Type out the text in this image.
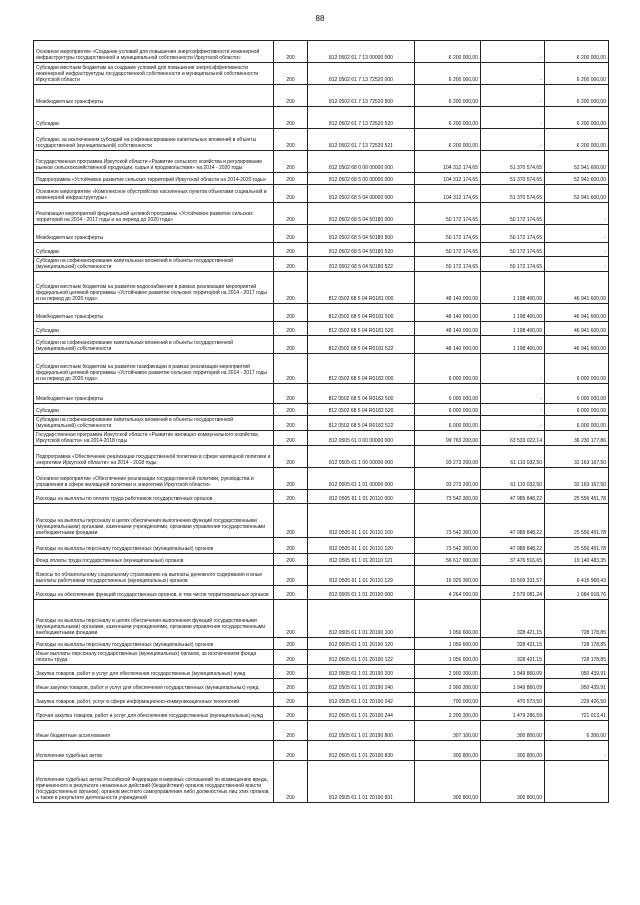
88
Основное мероприятие «Создание условий для повышения энергоэффективности инженерной инфраструктуры государственной и муниципальной собственности Иркутской области»	200	812 0502 61 7 13 00000 000	6 200 000,00	-	6 200 000,00
Субсидии местным бюджетам на создание условий для повышения энергоэффективности инженерной инфраструктуры государственной собственности и муниципальной собственности Иркутской области	200	812 0502 61 7 13 72520 000	6 200 000,00	-	6 200 000,00
Межбюджетные трансферты	200	812 0502 61 7 13 72520 500	6 200 000,00	-	6 200 000,00
Субсидии	200	812 0502 61 7 13 72520 520	6 200 000,00	-	6 200 000,00
Субсидии, за исключением субсидий на софинансирование капитальных вложений в объекты государственной (муниципальной) собственности	200	812 0502 61 7 13 72520 521	6 200 000,00	-	6 200 000,00
Государственная программа Иркутской области «Развитие сельского хозяйства и регулирование рынков сельскохозяйственной продукции, сырья и продовольствия» на 2014 - 2020 годы	200	812 0502 68 0 00 00000 000	104 312 174,65	51 370 574,65	52 941 600,00
Подпрограмма «Устойчивое развитие сельских территорий Иркутской области на 2014-2020 годы»	200	812 0502 68 5 00 00000 000	104 312 174,65	51 370 574,65	52 941 600,00
Основное мероприятие «Комплексное обустройство населенных пунктов объектами социальной и инженерной инфраструктуры»	200	812 0502 68 5 04 00000 000	104 312 174,65	51 370 574,65	52 941 600,00
Реализация мероприятий федеральной целевой программы «Устойчивое развитие сельских территорий на 2014 - 2017 годы и на период до 2020 года»	200	812 0502 68 5 04 50180 000	50 172 174,65	50 172 174,65	-
Межбюджетные трансферты	200	812 0502 68 5 04 50180 500	50 172 174,65	50 172 174,65	-
Субсидии	200	812 0502 68 5 04 50180 520	50 172 174,65	50 172 174,65	-
Субсидии на софинансирование капитальных вложений в объекты государственной (муниципальной) собственности	200	812 0502 68 5 04 50180 522	50 172 174,65	50 172 174,65	-
Субсидии местным бюджетам на развитие водоснабжения в рамках реализации мероприятий федеральной целевой программы «Устойчивое развитие сельских территорий на 2014 - 2017 годы и на период до 2020 года»	200	812 0502 68 5 04 R0181 000	48 140 000,00	1 198 400,00	46 941 600,00
Межбюджетные трансферты	200	812 0502 68 5 04 R0181 500	48 140 000,00	1 198 400,00	46 941 600,00
Субсидии	200	812 0502 68 5 04 R0181 520	48 140 000,00	1 198 400,00	46 941 600,00
Субсидии на софинансирование капитальных вложений в объекты государственной (муниципальной) собственности	200	812 0502 68 5 04 R0181 522	48 140 000,00	1 198 400,00	46 941 600,00
Субсидии местным бюджетам на развитие газификации в рамках реализации мероприятий федеральной целевой программы «Устойчивое развитие сельских территорий на 2014 - 2017 годы и на период до 2020 года»	200	812 0502 68 5 04 R0182 000	6 000 000,00	-	6 000 000,00
Межбюджетные трансферты	200	812 0502 68 5 04 R0182 500	6 000 000,00	-	6 000 000,00
Субсидии	200	812 0502 68 5 04 R0182 520	6 000 000,00	-	6 000 000,00
Субсидии на софинансирование капитальных вложений в объекты государственной (муниципальной) собственности	200	812 0502 68 5 04 R0182 522	6 000 000,00	-	6 000 000,00
Государственная программа Иркутской области «Развитие жилищно-коммунального хозяйства Иркутской области» на 2014-2018 годы	200	812 0505 61 0 00 00000 000	99 763 200,00	63 533 022,14	36 230 177,86
Подпрограмма «Обеспечение реализации государственной политики в сфере жилищной политики и энергетики Иркутской области» на 2014 - 2018 годы	200	812 0505 61 1 00 00000 000	93 273 200,00	61 110 032,50	32 163 167,50
Основное мероприятие «Обеспечение реализации государственной политики, руководства и управления в сфере жилищной политики и энергетики Иркутской области»	200	812 0505 61 1 01 00000 000	93 273 200,00	61 110 032,50	32 163 167,50
Расходы на выплаты по оплате труда работников государственных органов	200	812 0505 61 1 01 20110 000	73 542 300,00	47 985 848,22	25 556 451,78
Расходы на выплаты персоналу в целях обеспечения выполнения функций государственными (муниципальными) органами, казенными учреждениями, органами управления государственными внебюджетными фондами	200	812 0505 61 1 01 20110 100	73 542 300,00	47 985 848,22	25 556 451,78
Расходы на выплаты персоналу государственных (муниципальных) органов	200	812 0505 61 1 01 20110 120	73 542 300,00	47 985 848,22	25 556 451,78
Фонд оплаты труда государственных (муниципальных) органов	200	812 0505 61 1 01 20110 121	56 617 000,00	37 476 516,65	19 140 483,35
Взносы по обязательному социальному страхованию на выплаты денежного содержания и иные выплаты работникам государственных (муниципальных) органов	200	812 0505 61 1 01 20110 129	16 925 300,00	10 509 331,57	6 415 968,43
Расходы на обеспечение функций государственных органов, в том числе территориальных органов	200	812 0505 61 1 01 20190 000	4 264 000,00	2 579 081,24	1 684 918,76
Расходы на выплаты персоналу в целях обеспечения выполнения функций государственными (муниципальными) органами, казенными учреждениями, органами управления государственными внебюджетными фондами	200	812 0505 61 1 01 20190 100	1 056 600,00	328 421,15	728 178,85
Расходы на выплаты персоналу государственных (муниципальных) органов	200	812 0505 61 1 01 20190 120	1 056 600,00	328 421,15	728 178,85
Иные выплаты персоналу государственных (муниципальных) органов, за исключением фонда оплаты труда	200	812 0505 61 1 01 20190 122	1 056 600,00	328 421,15	728 178,85
Закупка товаров, работ и услуг для обеспечения государственных (муниципальных) нужд	200	812 0505 61 1 01 20190 200	2 900 300,00	1 949 860,09	950 439,91
Иные закупки товаров, работ и услуг для обеспечения государственных (муниципальных) нужд	200	812 0505 61 1 01 20190 240	2 900 300,00	1 949 860,09	950 439,91
Закупка товаров, работ, услуг в сфере информационно-коммуникационных технологий	200	812 0505 61 1 01 20190 242	700 000,00	470 573,50	229 426,50
Прочая закупка товаров, работ и услуг для обеспечения государственных (муниципальных) нужд	200	812 0505 61 1 01 20190 244	2 200 300,00	1 479 286,59	721 013,41
Иные бюджетные ассигнования	200	812 0505 61 1 01 20190 800	307 100,00	300 800,00	6 300,00
Исполнение судебных актов	200	812 0505 61 1 01 20190 830	300 800,00	300 800,00	-
Исполнение судебных актов Российской Федерации и мировых соглашений по возмещению вреда, причиненного в результате незаконных действий (бездействия) органов государственной власти (государственных органов), органов местного самоуправления либо должностных лиц этих органов, а также в результате деятельности учреждений	200	812 0505 61 1 01 20190 831	300 800,00	300 800,00	
